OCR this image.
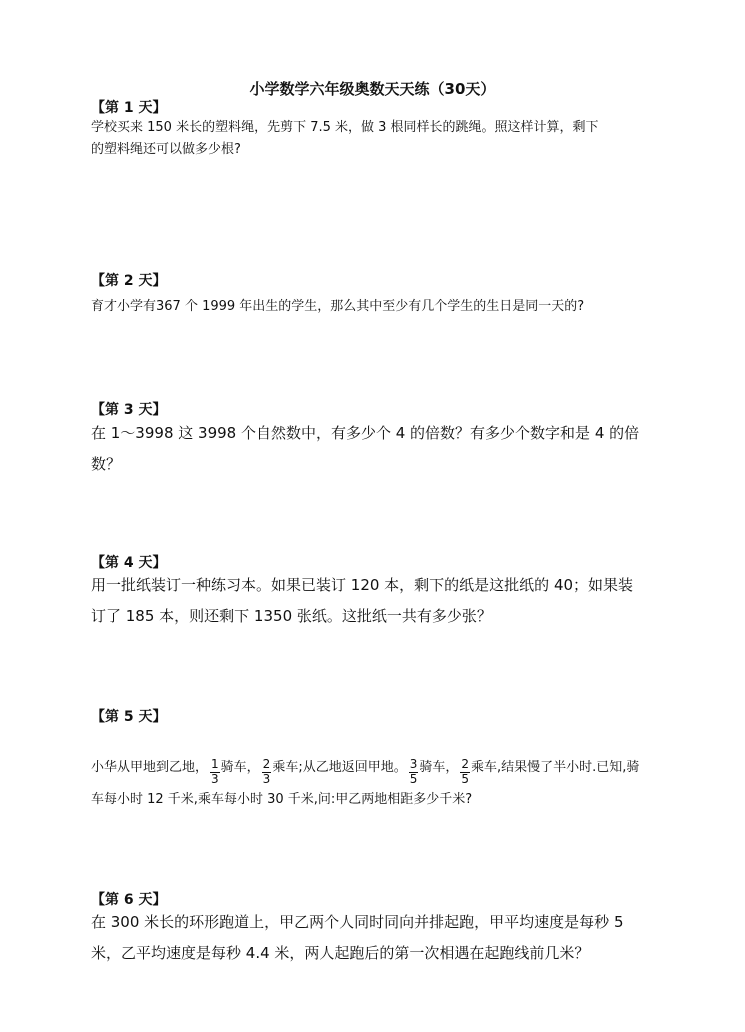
小学数学六年级奥数天天练（30天）
【第 1 天】
学校买来 150 米长的塑料绳，先剪下 7.5 米，做 3 根同样长的跳绳。照这样计算，剩下
的塑料绳还可以做多少根?
【第 2 天】
育才小学有367 个 1999 年出生的学生，那么其中至少有几个学生的生日是同一天的?
【第 3 天】
在 1～3998 这 3998 个自然数中，有多少个 4 的倍数？有多少个数字和是 4 的倍
数？
【第 4 天】
用一批纸装订一种练习本。如果已装订 120 本，剩下的纸是这批纸的 40；如果装
订了 185 本，则还剩下 1350 张纸。这批纸一共有多少张？
【第 5 天】
小华从甲地到乙地， $\frac{1}{3}$ 骑车， $\frac{2}{3}$ 乘车;从乙地返回甲地。 $\frac{3}{5}$ 骑车， $\frac{2}{5}$ 乘车,结果慢了半小时.已知,骑
车每小时 12 千米,乘车每小时 30 千米,问:甲乙两地相距多少千米?
【第 6 天】
在 300 米长的环形跑道上，甲乙两个人同时同向并排起跑，甲平均速度是每秒 5
米，乙平均速度是每秒 4.4 米，两人起跑后的第一次相遇在起跑线前几米？
